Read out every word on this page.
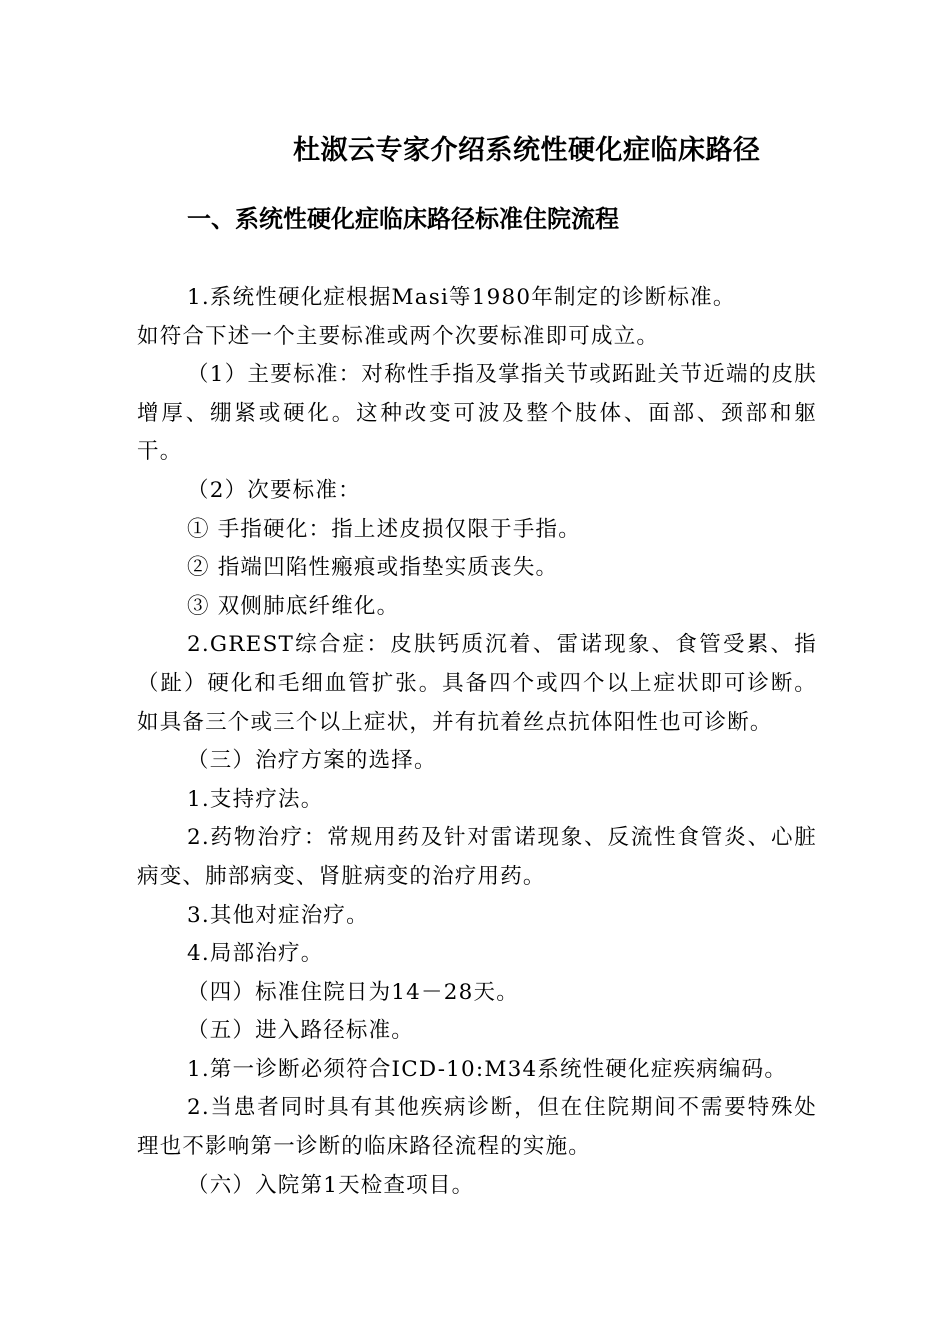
杜淑云专家介绍系统性硬化症临床路径
一、系统性硬化症临床路径标准住院流程

1.系统性硬化症根据Masi等1980年制定的诊断标准。

如符合下述一个主要标准或两个次要标准即可成立。

（1）主要标准：对称性手指及掌指关节或跖趾关节近端的皮肤增厚、绷紧或硬化。这种改变可波及整个肢体、面部、颈部和躯干。

（2）次要标准：

① 手指硬化：指上述皮损仅限于手指。

② 指端凹陷性瘢痕或指垫实质丧失。

③ 双侧肺底纤维化。

2.GREST综合症：皮肤钙质沉着、雷诺现象、食管受累、指（趾）硬化和毛细血管扩张。具备四个或四个以上症状即可诊断。如具备三个或三个以上症状，并有抗着丝点抗体阳性也可诊断。

（三）治疗方案的选择。

1.支持疗法。

2.药物治疗：常规用药及针对雷诺现象、反流性食管炎、心脏病变、肺部病变、肾脏病变的治疗用药。

3.其他对症治疗。

4.局部治疗。

（四）标准住院日为14－28天。

（五）进入路径标准。

1.第一诊断必须符合ICD-10:M34系统性硬化症疾病编码。

2.当患者同时具有其他疾病诊断，但在住院期间不需要特殊处理也不影响第一诊断的临床路径流程的实施。

（六）入院第1天检查项目。
